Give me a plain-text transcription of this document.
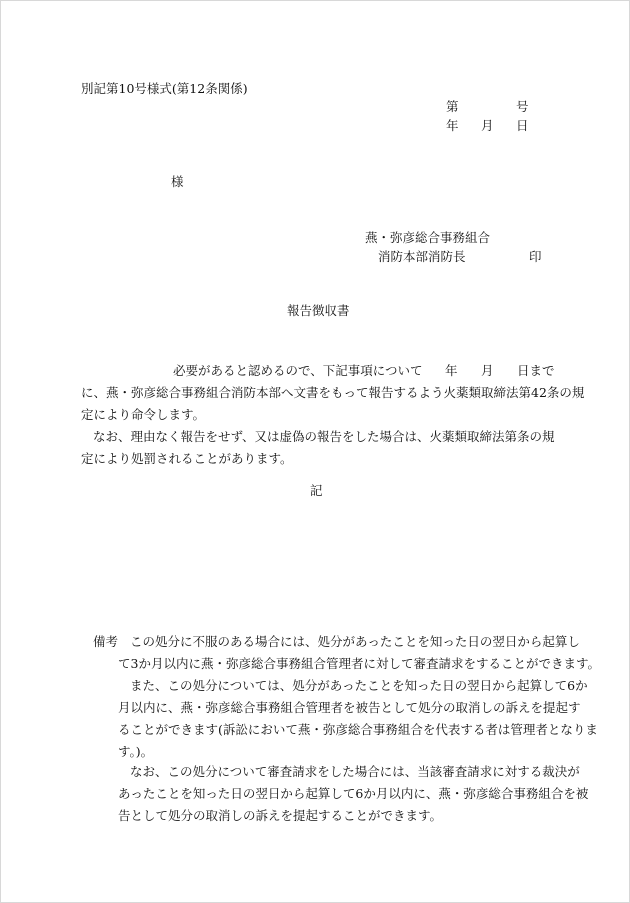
別記第10号様式(第12条関係)
第	号
年 月 日
様
燕・弥彦総合事務組合
消防本部消防長	印
報告徴収書
必要があると認めるので、下記事項について 年 月 日まで
に、燕・弥彦総合事務組合消防本部へ文書をもって報告するよう火薬類取締法第42条の規
定により命令します。
なお、理由なく報告をせず、又は虚偽の報告をした場合は、火薬類取締法第 条の規
定により処罰されることがあります。
記
備考 この処分に不服のある場合には、処分があったことを知った日の翌日から起算し
て3か月以内に燕・弥彦総合事務組合管理者に対して審査請求をすることができます。
また、この処分については、処分があったことを知った日の翌日から起算して6か
月以内に、燕・弥彦総合事務組合管理者を被告として処分の取消しの訴えを提起す
ることができます(訴訟において燕・弥彦総合事務組合を代表する者は管理者となりま
す。)。
なお、この処分について審査請求をした場合には、当該審査請求に対する裁決が
あったことを知った日の翌日から起算して6か月以内に、燕・弥彦総合事務組合を被
告として処分の取消しの訴えを提起することができます。
